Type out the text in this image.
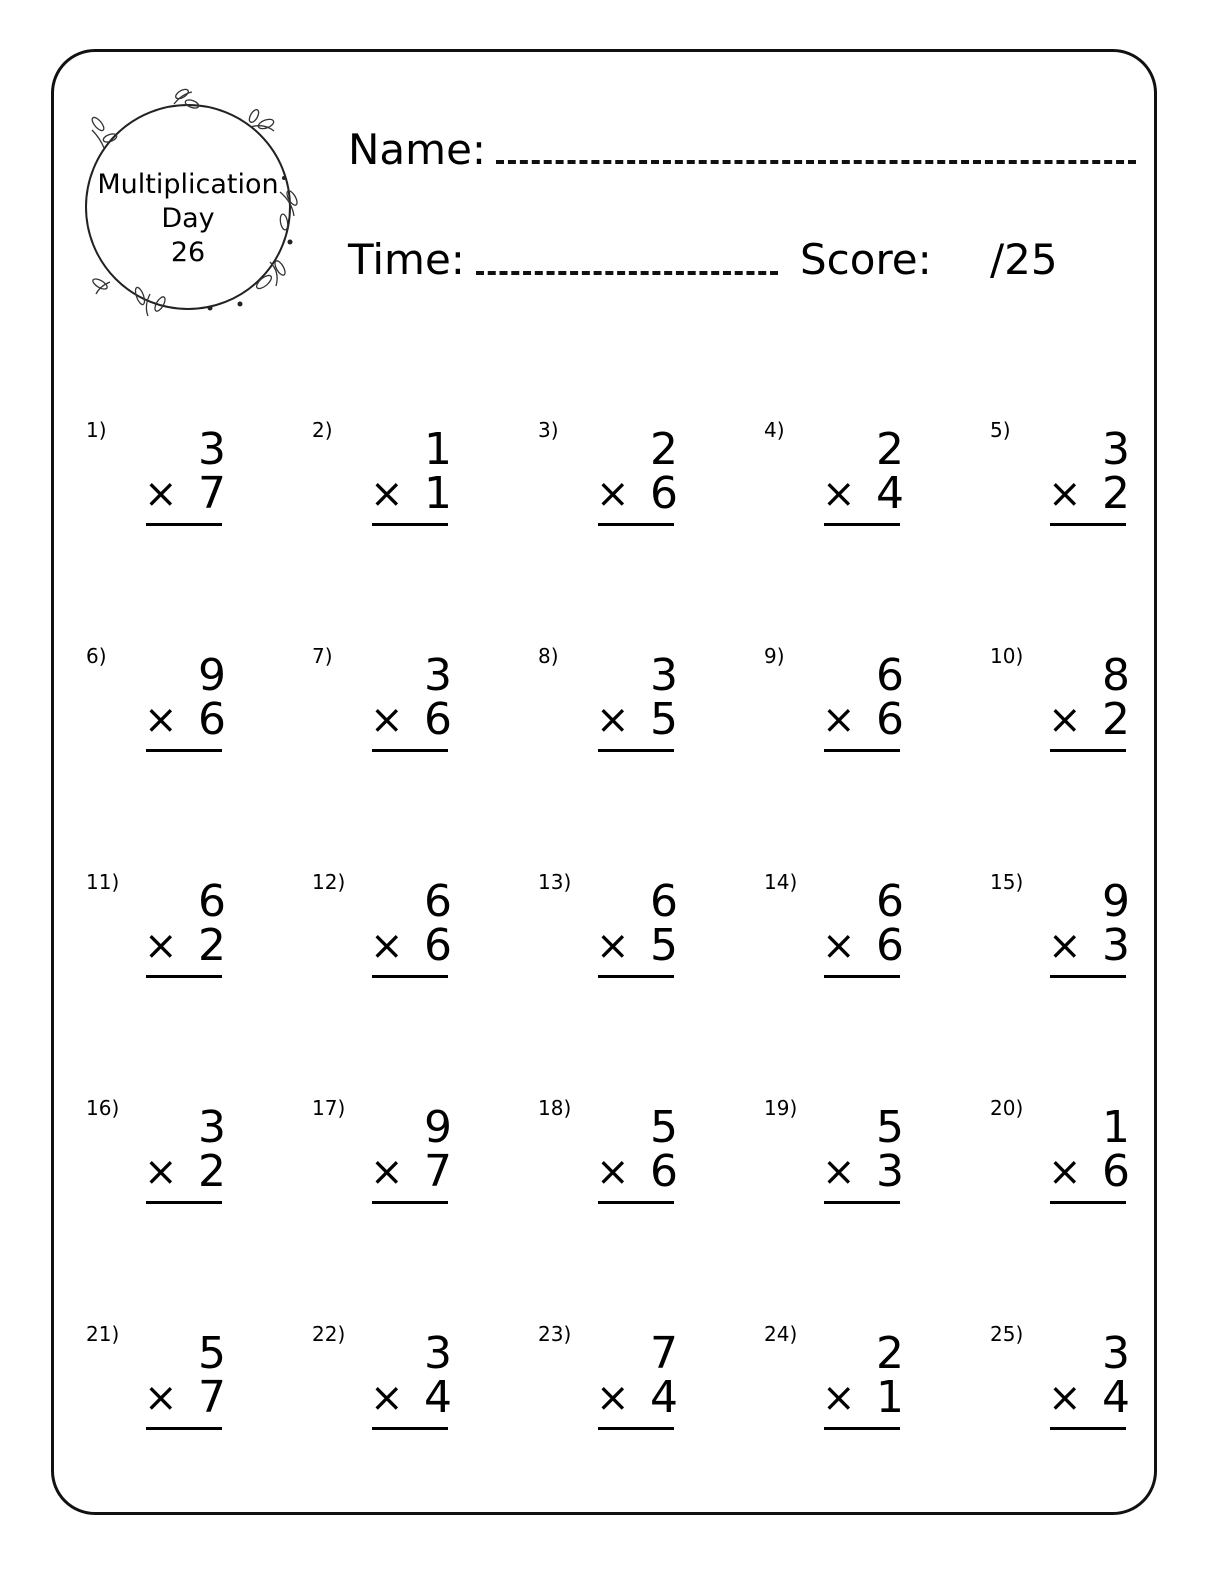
Multiplication
Day
26
Name:
Time:	Score: /25
1)	3
× 7
2)	1
× 1
3)	2
× 6
4)	2
× 4
5)	3
× 2
6)	9
× 6
7)	3
× 6
8)	3
× 5
9)	6
× 6
10)	8
× 2
11)	6
× 2
12)	6
× 6
13)	6
× 5
14)	6
× 6
15)	9
× 3
16)	3
× 2
17)	9
× 7
18)	5
× 6
19)	5
× 3
20)	1
× 6
21)	5
× 7
22)	3
× 4
23)	7
× 4
24)	2
× 1
25)	3
× 4
